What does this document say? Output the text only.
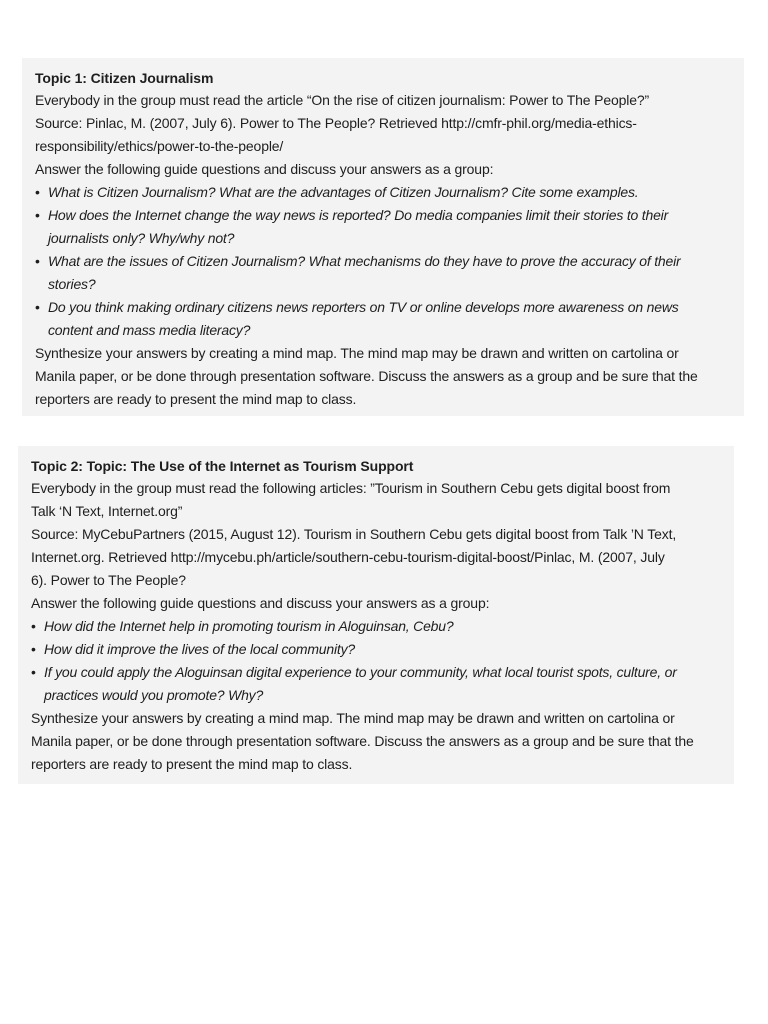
Topic 1: Citizen Journalism

Everybody in the group must read the article “On the rise of citizen journalism: Power to The People?”

Source: Pinlac, M. (2007, July 6). Power to The People? Retrieved http://cmfr-phil.org/media-ethics-

responsibility/ethics/power-to-the-people/

Answer the following guide questions and discuss your answers as a group:

• What is Citizen Journalism? What are the advantages of Citizen Journalism? Cite some examples.
• How does the Internet change the way news is reported? Do media companies limit their stories to their
journalists only? Why/why not?
• What are the issues of Citizen Journalism? What mechanisms do they have to prove the accuracy of their
stories?
• Do you think making ordinary citizens news reporters on TV or online develops more awareness on news
content and mass media literacy?

Synthesize your answers by creating a mind map. The mind map may be drawn and written on cartolina or

Manila paper, or be done through presentation software. Discuss the answers as a group and be sure that the

reporters are ready to present the mind map to class.

Topic 2: Topic: The Use of the Internet as Tourism Support

Everybody in the group must read the following articles: ”Tourism in Southern Cebu gets digital boost from

Talk ‘N Text, Internet.org”

Source: MyCebuPartners (2015, August 12). Tourism in Southern Cebu gets digital boost from Talk ’N Text,

Internet.org. Retrieved http://mycebu.ph/article/southern-cebu-tourism-digital-boost/Pinlac, M. (2007, July

6). Power to The People?

Answer the following guide questions and discuss your answers as a group:

• How did the Internet help in promoting tourism in Aloguinsan, Cebu?
• How did it improve the lives of the local community?
• If you could apply the Aloguinsan digital experience to your community, what local tourist spots, culture, or
practices would you promote? Why?

Synthesize your answers by creating a mind map. The mind map may be drawn and written on cartolina or

Manila paper, or be done through presentation software. Discuss the answers as a group and be sure that the

reporters are ready to present the mind map to class.
